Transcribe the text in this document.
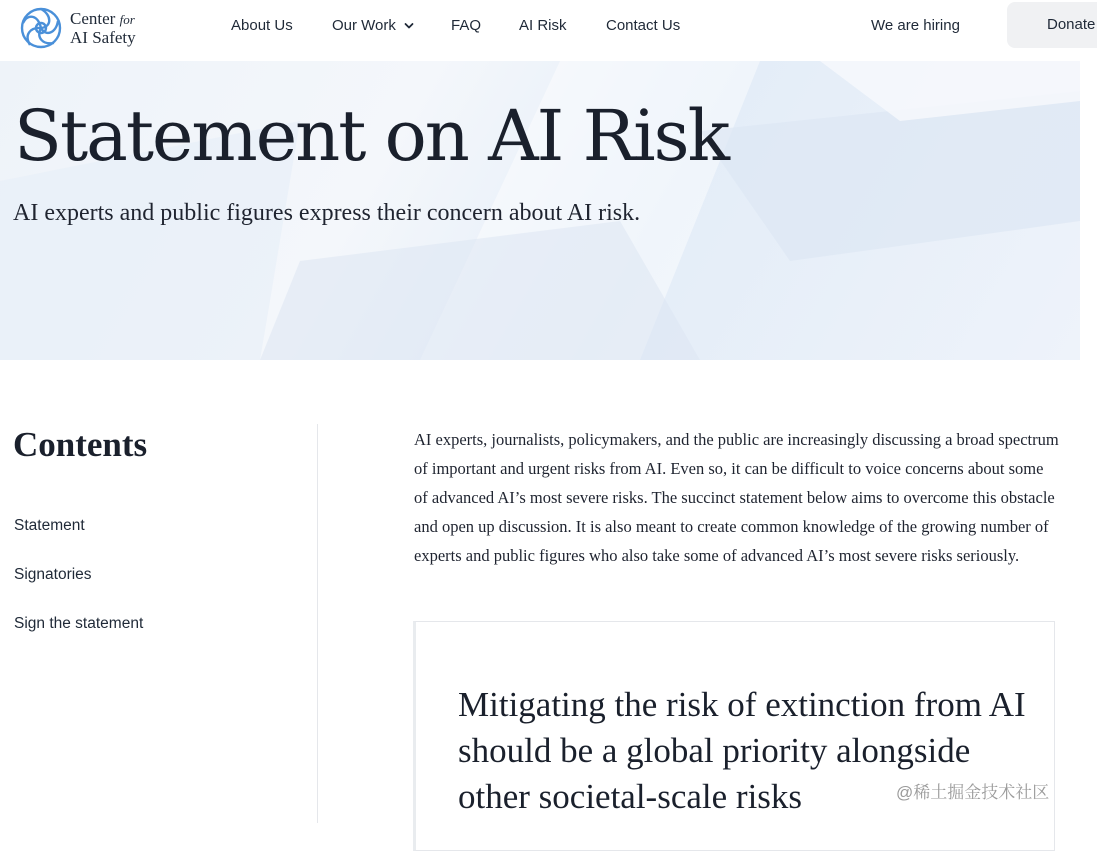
Center for
AI Safety
About Us	Our Work	FAQ	AI Risk	Contact Us	We are hiring	Donate
Statement on AI Risk

AI experts and public figures express their concern about AI risk.

Contents
Statement
Signatories
Sign the statement

AI experts, journalists, policymakers, and the public are increasingly discussing a broad spectrum of important and urgent risks from AI. Even so, it can be difficult to voice concerns about some of advanced AI’s most severe risks. The succinct statement below aims to overcome this obstacle and open up discussion. It is also meant to create common knowledge of the growing number of experts and public figures who also take some of advanced AI’s most severe risks seriously.

Mitigating the risk of extinction from AI should be a global priority alongside other societal-scale risks	@稀土掘金技术社区
